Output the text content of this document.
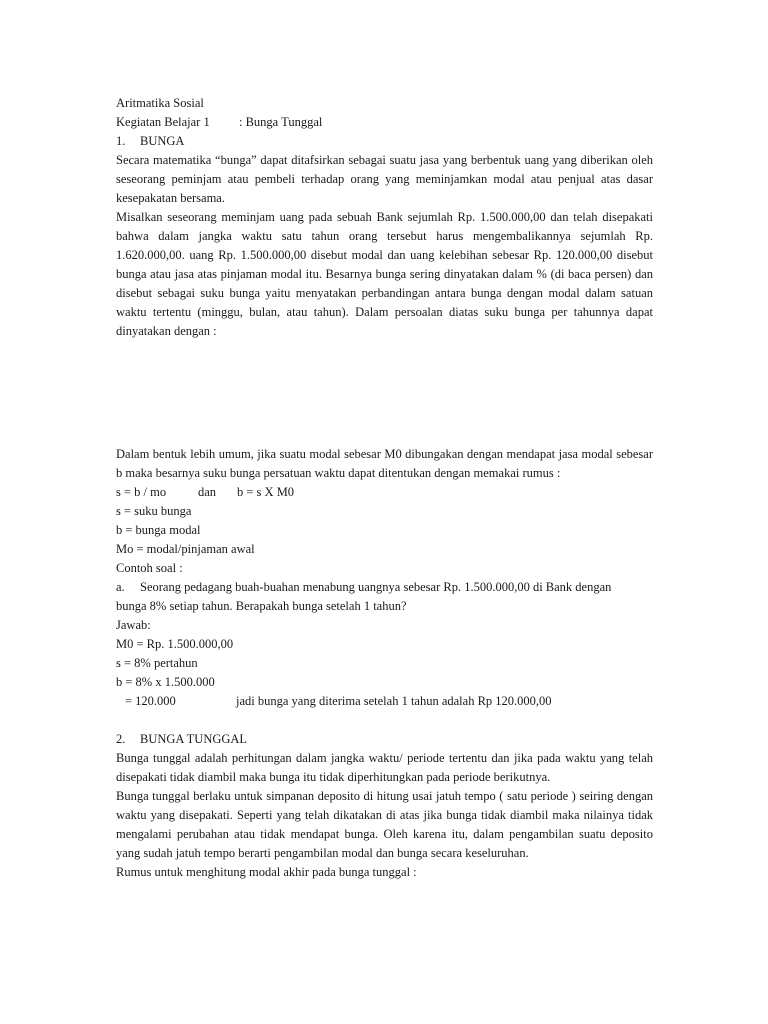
Aritmatika Sosial
Kegiatan Belajar 1 : Bunga Tunggal
1. BUNGA
Secara matematika “bunga” dapat ditafsirkan sebagai suatu jasa yang berbentuk uang yang diberikan oleh seseorang peminjam atau pembeli terhadap orang yang meminjamkan modal atau penjual atas dasar kesepakatan bersama.
Misalkan seseorang meminjam uang pada sebuah Bank sejumlah Rp. 1.500.000,00 dan telah disepakati bahwa dalam jangka waktu satu tahun orang tersebut harus mengembalikannya sejumlah Rp. 1.620.000,00. uang Rp. 1.500.000,00 disebut modal dan uang kelebihan sebesar Rp. 120.000,00 disebut bunga atau jasa atas pinjaman modal itu. Besarnya bunga sering dinyatakan dalam % (di baca persen) dan disebut sebagai suku bunga yaitu menyatakan perbandingan antara bunga dengan modal dalam satuan waktu tertentu (minggu, bulan, atau tahun). Dalam persoalan diatas suku bunga per tahunnya dapat dinyatakan dengan :
Dalam bentuk lebih umum, jika suatu modal sebesar M0 dibungakan dengan mendapat jasa modal sebesar b maka besarnya suku bunga persatuan waktu dapat ditentukan dengan memakai rumus :
s = b / mo	dan b = s X M0
s = suku bunga
b = bunga modal
Mo = modal/pinjaman awal
Contoh soal :
a. Seorang pedagang buah-buahan menabung uangnya sebesar Rp. 1.500.000,00 di Bank dengan
bunga 8% setiap tahun. Berapakah bunga setelah 1 tahun?
Jawab:
M0 = Rp. 1.500.000,00
s = 8% pertahun
b = 8% x 1.500.000
= 120.000	jadi bunga yang diterima setelah 1 tahun adalah Rp 120.000,00
2. BUNGA TUNGGAL
Bunga tunggal adalah perhitungan dalam jangka waktu/ periode tertentu dan jika pada waktu yang telah disepakati tidak diambil maka bunga itu tidak diperhitungkan pada periode berikutnya.
Bunga tunggal berlaku untuk simpanan deposito di hitung usai jatuh tempo ( satu periode ) seiring dengan waktu yang disepakati. Seperti yang telah dikatakan di atas jika bunga tidak diambil maka nilainya tidak mengalami perubahan atau tidak mendapat bunga. Oleh karena itu, dalam pengambilan suatu deposito yang sudah jatuh tempo berarti pengambilan modal dan bunga secara keseluruhan.
Rumus untuk menghitung modal akhir pada bunga tunggal :
